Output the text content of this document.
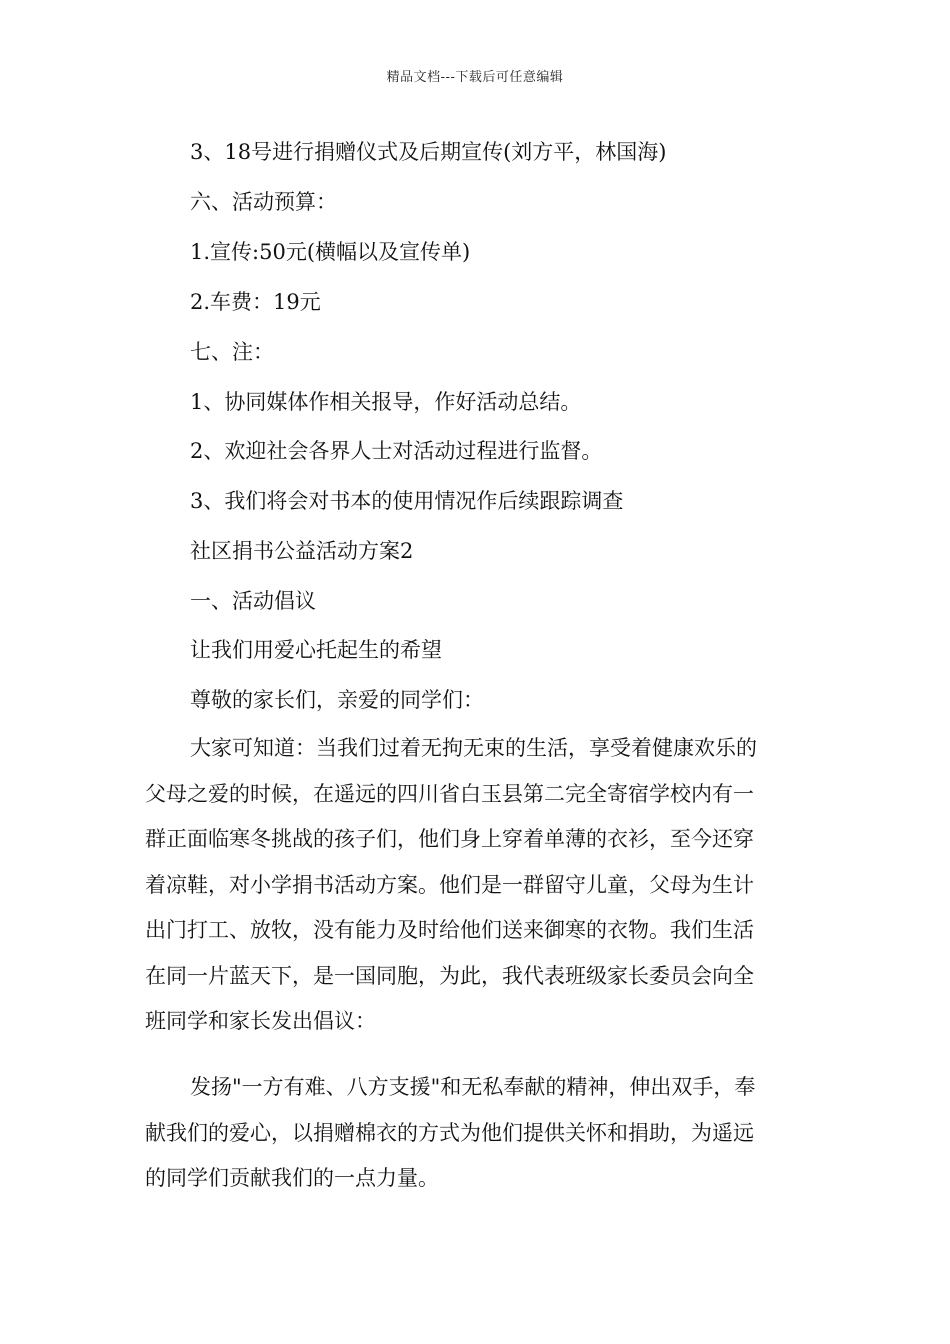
精品文档---下载后可任意编辑
3、18号进行捐赠仪式及后期宣传(刘方平，林国海)
六、活动预算：
1.宣传:50元(横幅以及宣传单)
2.车费：19元
七、注：
1、协同媒体作相关报导，作好活动总结。
2、欢迎社会各界人士对活动过程进行监督。
3、我们将会对书本的使用情况作后续跟踪调查
社区捐书公益活动方案2
一、活动倡议
让我们用爱心托起生的希望
尊敬的家长们，亲爱的同学们：
大家可知道：当我们过着无拘无束的生活，享受着健康欢乐的
父母之爱的时候，在遥远的四川省白玉县第二完全寄宿学校内有一
群正面临寒冬挑战的孩子们，他们身上穿着单薄的衣衫，至今还穿
着凉鞋，对小学捐书活动方案。他们是一群留守儿童，父母为生计
出门打工、放牧，没有能力及时给他们送来御寒的衣物。我们生活
在同一片蓝天下，是一国同胞，为此，我代表班级家长委员会向全
班同学和家长发出倡议：
发扬"一方有难、八方支援"和无私奉献的精神，伸出双手，奉
献我们的爱心，以捐赠棉衣的方式为他们提供关怀和捐助，为遥远
的同学们贡献我们的一点力量。
